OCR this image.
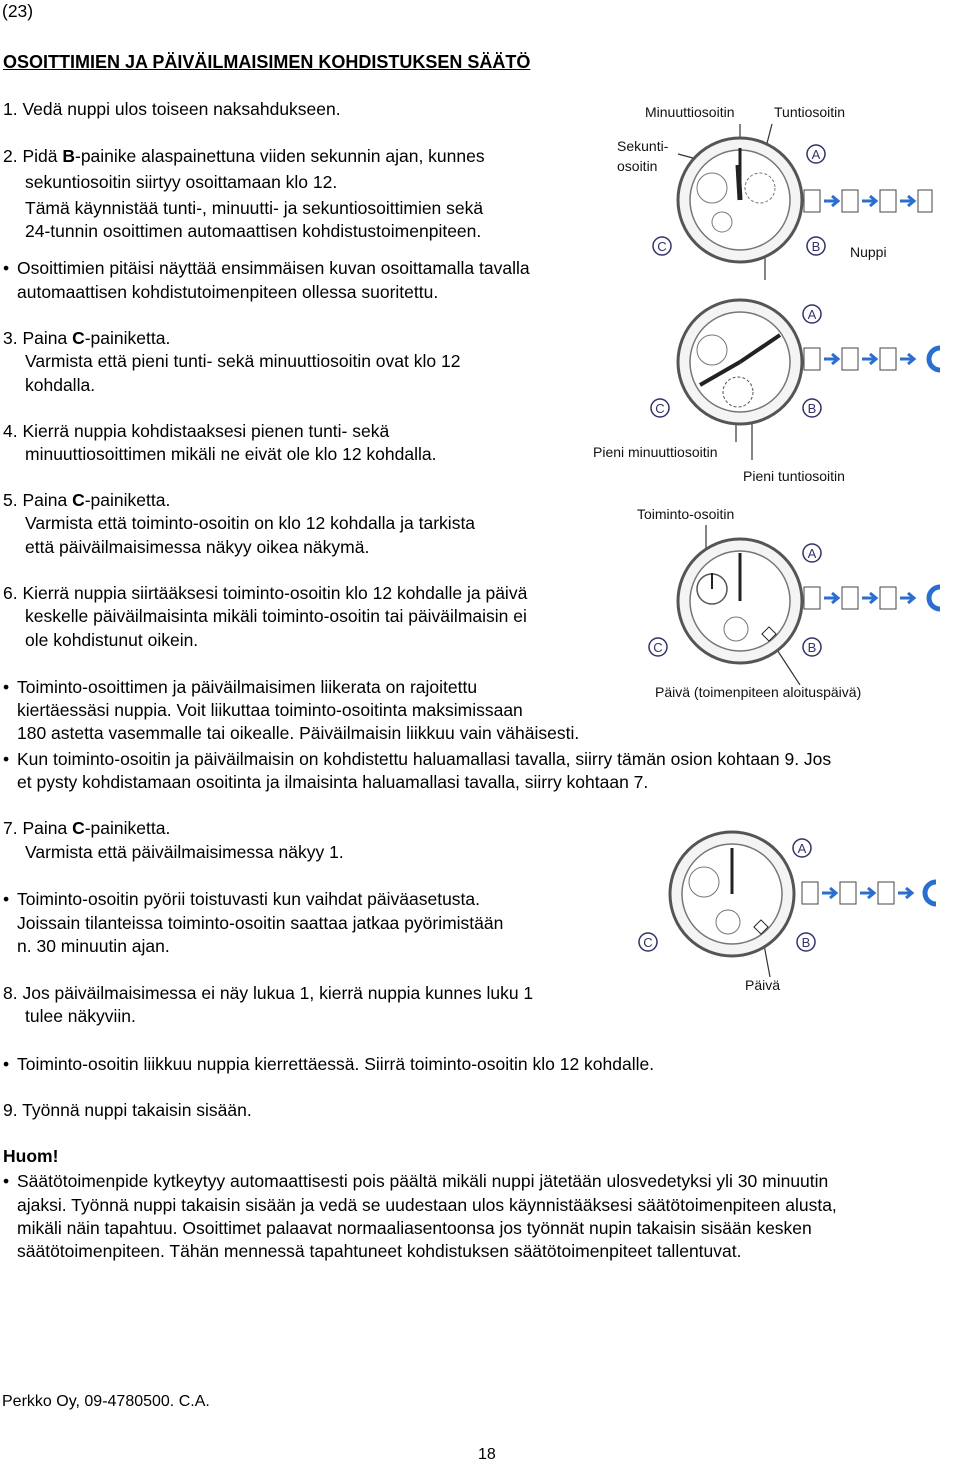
(23)
OSOITTIMIEN JA PÄIVÄILMAISIMEN KOHDISTUKSEN SÄÄTÖ
1. Vedä nuppi ulos toiseen naksahdukseen.
2. Pidä B-painike alaspainettuna viiden sekunnin ajan, kunnes
sekuntiosoitin siirtyy osoittamaan klo 12.
Tämä käynnistää tunti-, minuutti- ja sekuntiosoittimien sekä
24-tunnin osoittimen automaattisen kohdistustoimenpiteen.
• Osoittimien pitäisi näyttää ensimmäisen kuvan osoittamalla tavalla
automaattisen kohdistutoimenpiteen ollessa suoritettu.
3. Paina C-painiketta.
Varmista että pieni tunti- sekä minuuttiosoitin ovat klo 12
kohdalla.
4. Kierrä nuppia kohdistaaksesi pienen tunti- sekä
minuuttiosoittimen mikäli ne eivät ole klo 12 kohdalla.
5. Paina C-painiketta.
Varmista että toiminto-osoitin on klo 12 kohdalla ja tarkista
että päiväilmaisimessa näkyy oikea näkymä.
6. Kierrä nuppia siirtääksesi toiminto-osoitin klo 12 kohdalle ja päivä
keskelle päiväilmaisinta mikäli toiminto-osoitin tai päiväilmaisin ei
ole kohdistunut oikein.
• Toiminto-osoittimen ja päiväilmaisimen liikerata on rajoitettu
kiertäessäsi nuppia. Voit liikuttaa toiminto-osoitinta maksimissaan
180 astetta vasemmalle tai oikealle. Päiväilmaisin liikkuu vain vähäisesti.
• Kun toiminto-osoitin ja päiväilmaisin on kohdistettu haluamallasi tavalla, siirry tämän osion kohtaan 9. Jos
et pysty kohdistamaan osoitinta ja ilmaisinta haluamallasi tavalla, siirry kohtaan 7.
7. Paina C-painiketta.
Varmista että päiväilmaisimessa näkyy 1.
• Toiminto-osoitin pyörii toistuvasti kun vaihdat päiväasetusta.
Joissain tilanteissa toiminto-osoitin saattaa jatkaa pyörimistään
n. 30 minuutin ajan.
8. Jos päiväilmaisimessa ei näy lukua 1, kierrä nuppia kunnes luku 1
tulee näkyviin.
• Toiminto-osoitin liikkuu nuppia kierrettäessä. Siirrä toiminto-osoitin klo 12 kohdalle.
9. Työnnä nuppi takaisin sisään.
Huom!
• Säätötoimenpide kytkeytyy automaattisesti pois päältä mikäli nuppi jätetään ulosvedetyksi yli 30 minuutin
ajaksi. Työnnä nuppi takaisin sisään ja vedä se uudestaan ulos käynnistääksesi säätötoimenpiteen alusta,
mikäli näin tapahtuu. Osoittimet palaavat normaaliasentoonsa jos työnnät nupin takaisin sisään kesken
säätötoimenpiteen. Tähän mennessä tapahtuneet kohdistuksen säätötoimenpiteet tallentuvat.
Perkko Oy, 09-4780500. C.A.
18
Minuuttiosoitin	Tuntiosoitin
Sekunti-
osoitin
Nuppi
A
B
C
Pieni minuuttiosoitin
Pieni tuntiosoitin
A
B
C
Toiminto-osoitin
Päivä (toimenpiteen aloituspäivä)
A
B
C
Päivä
A
B
C
